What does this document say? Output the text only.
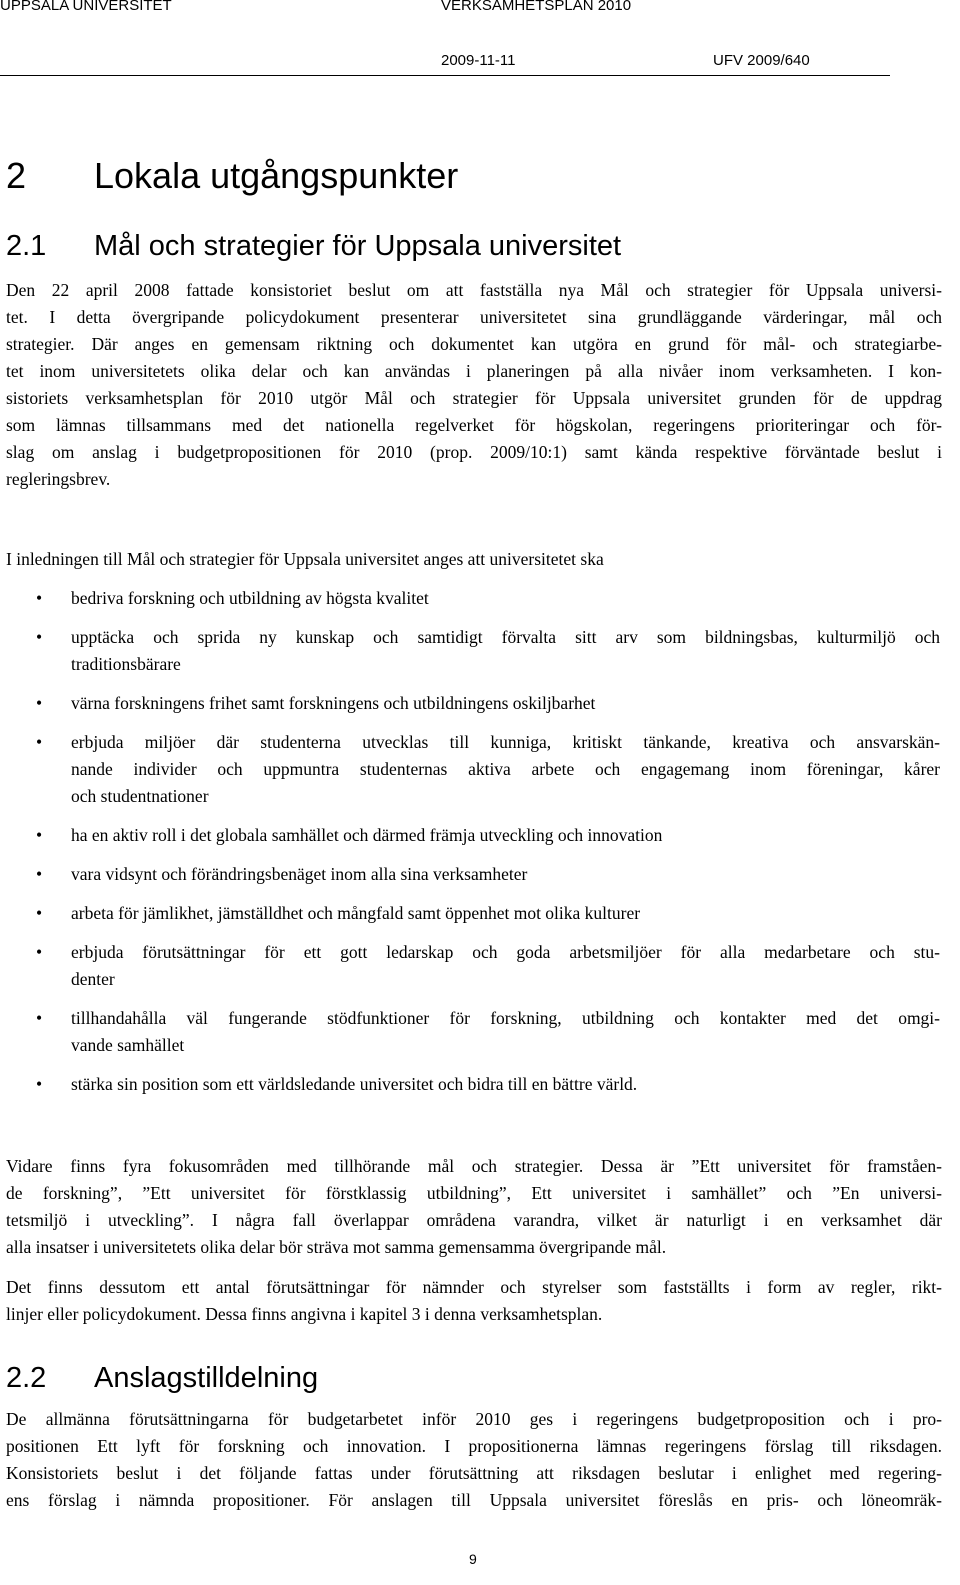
UPPSALA UNIVERSITET	VERKSAMHETSPLAN 2010
2009-11-11	UFV 2009/640
2 Lokala utgångspunkter
2.1 Mål och strategier för Uppsala universitet
Den 22 april 2008 fattade konsistoriet beslut om att fastställa nya Mål och strategier för Uppsala universi-
tet. I detta övergripande policydokument presenterar universitetet sina grundläggande värderingar, mål och
strategier. Där anges en gemensam riktning och dokumentet kan utgöra en grund för mål- och strategiarbe-
tet inom universitetets olika delar och kan användas i planeringen på alla nivåer inom verksamheten. I kon-
sistoriets verksamhetsplan för 2010 utgör Mål och strategier för Uppsala universitet grunden för de uppdrag
som lämnas tillsammans med det nationella regelverket för högskolan, regeringens prioriteringar och för-
slag om anslag i budgetpropositionen för 2010 (prop. 2009/10:1) samt kända respektive förväntade beslut i
regleringsbrev.
I inledningen till Mål och strategier för Uppsala universitet anges att universitetet ska
• bedriva forskning och utbildning av högsta kvalitet
• upptäcka och sprida ny kunskap och samtidigt förvalta sitt arv som bildningsbas, kulturmiljö och
traditionsbärare
• värna forskningens frihet samt forskningens och utbildningens oskiljbarhet
• erbjuda miljöer där studenterna utvecklas till kunniga, kritiskt tänkande, kreativa och ansvarskän-
nande individer och uppmuntra studenternas aktiva arbete och engagemang inom föreningar, kårer
och studentnationer
• ha en aktiv roll i det globala samhället och därmed främja utveckling och innovation
• vara vidsynt och förändringsbenäget inom alla sina verksamheter
• arbeta för jämlikhet, jämställdhet och mångfald samt öppenhet mot olika kulturer
• erbjuda förutsättningar för ett gott ledarskap och goda arbetsmiljöer för alla medarbetare och stu-
denter
• tillhandahålla väl fungerande stödfunktioner för forskning, utbildning och kontakter med det omgi-
vande samhället
• stärka sin position som ett världsledande universitet och bidra till en bättre värld.
Vidare finns fyra fokusområden med tillhörande mål och strategier. Dessa är ”Ett universitet för framståen-
de forskning”, ”Ett universitet för förstklassig utbildning”, Ett universitet i samhället” och ”En universi-
tetsmiljö i utveckling”. I några fall överlappar områdena varandra, vilket är naturligt i en verksamhet där
alla insatser i universitetets olika delar bör sträva mot samma gemensamma övergripande mål.
Det finns dessutom ett antal förutsättningar för nämnder och styrelser som fastställts i form av regler, rikt-
linjer eller policydokument. Dessa finns angivna i kapitel 3 i denna verksamhetsplan.
2.2 Anslagstilldelning
De allmänna förutsättningarna för budgetarbetet inför 2010 ges i regeringens budgetproposition och i pro-
positionen Ett lyft för forskning och innovation. I propositionerna lämnas regeringens förslag till riksdagen.
Konsistoriets beslut i det följande fattas under förutsättning att riksdagen beslutar i enlighet med regering-
ens förslag i nämnda propositioner. För anslagen till Uppsala universitet föreslås en pris- och löneomräk-
9
